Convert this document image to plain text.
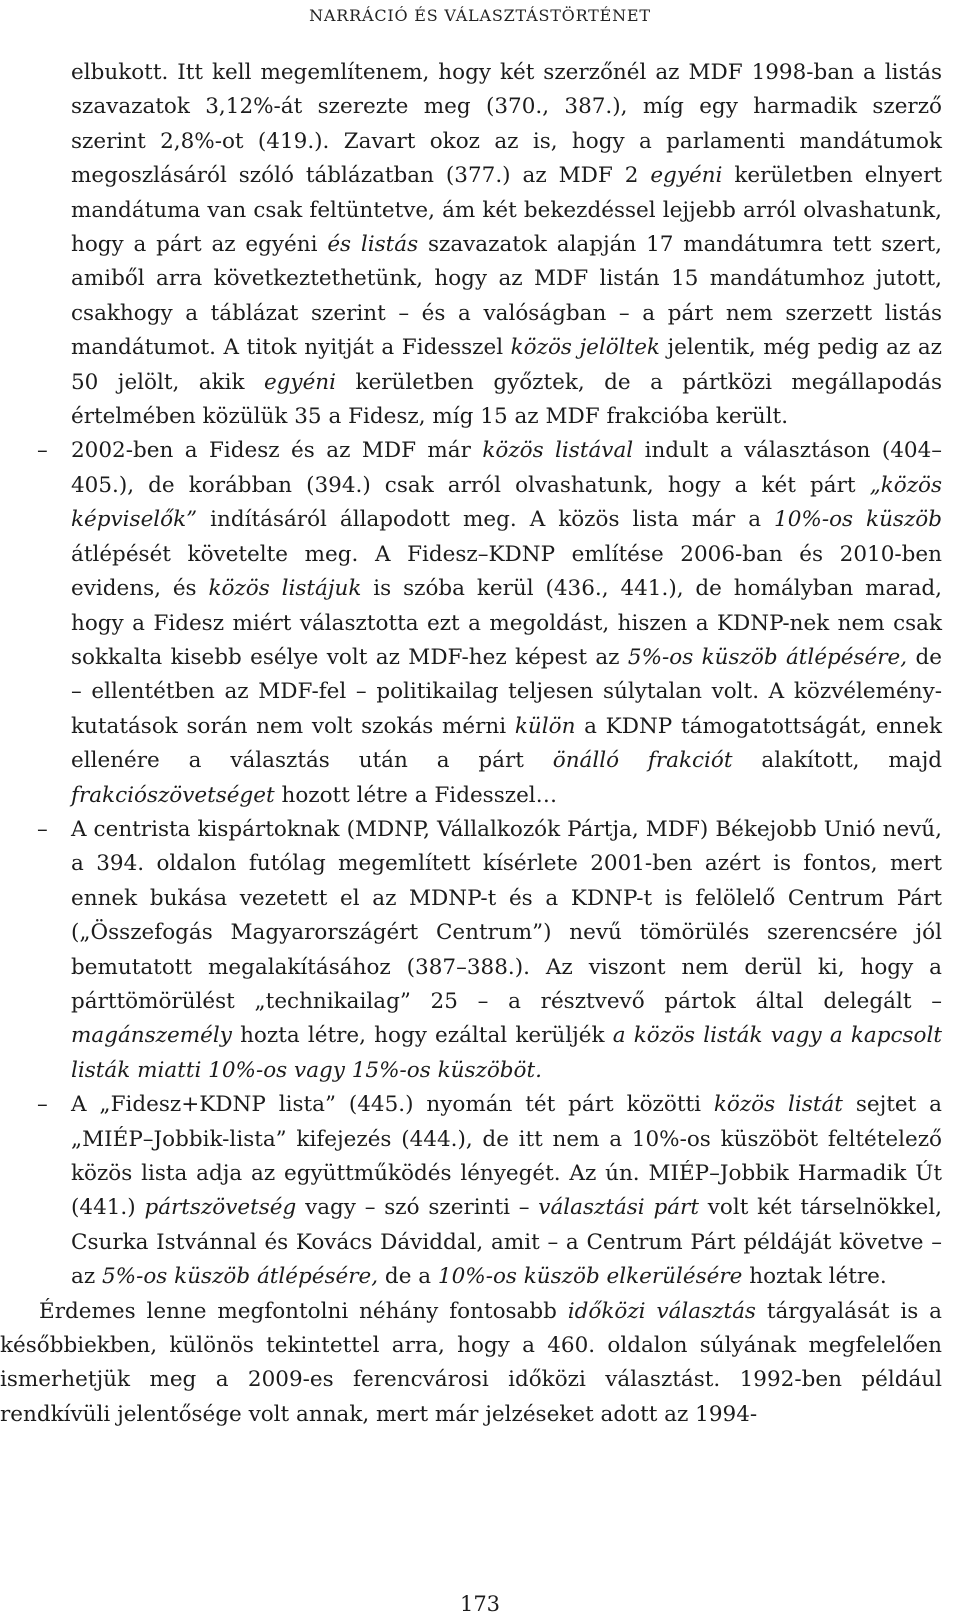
NARRÁCIÓ ÉS VÁLASZTÁSTÖRTÉNET

elbukott. Itt kell megemlítenem, hogy két szerzőnél az MDF 1998-ban a listás szavazatok 3,12%-át szerezte meg (370., 387.), míg egy harmadik szerző szerint 2,8%-ot (419.). Zavart okoz az is, hogy a parlamenti mandátumok megoszlásáról szóló táblázatban (377.) az MDF 2 egyéni kerületben elnyert mandátuma van csak feltüntetve, ám két bekezdéssel lejjebb arról olvashatunk, hogy a párt az egyéni és listás szavazatok alapján 17 mandátumra tett szert, amiből arra következtethetünk, hogy az MDF listán 15 mandátumhoz jutott, csakhogy a táblázat szerint – és a valóságban – a párt nem szerzett listás mandátumot. A titok nyitját a Fidesszel közös jelöltek jelentik, még pedig az az 50 jelölt, akik egyéni kerületben győztek, de a pártközi megállapodás értelmében közülük 35 a Fidesz, míg 15 az MDF frakcióba került.

– 2002-ben a Fidesz és az MDF már közös listával indult a választáson (404–405.), de korábban (394.) csak arról olvashatunk, hogy a két párt „közös képviselők” indításáról állapodott meg. A közös lista már a 10%-os küszöb átlépését követelte meg. A Fidesz–KDNP említése 2006-ban és 2010-ben evidens, és közös listájuk is szóba kerül (436., 441.), de homályban marad, hogy a Fidesz miért választotta ezt a megoldást, hiszen a KDNP-nek nem csak sokkalta kisebb esélye volt az MDF-hez képest az 5%-os küszöb átlépésére, de – ellentétben az MDF-fel – politikailag teljesen súlytalan volt. A közvélemény-kutatások során nem volt szokás mérni külön a KDNP támogatottságát, ennek ellenére a választás után a párt önálló frakciót alakított, majd frakciószövetséget hozott létre a Fidesszel…
– A centrista kispártoknak (MDNP, Vállalkozók Pártja, MDF) Békejobb Unió nevű, a 394. oldalon futólag megemlített kísérlete 2001-ben azért is fontos, mert ennek bukása vezetett el az MDNP-t és a KDNP-t is felölelő Centrum Párt („Összefogás Magyarországért Centrum”) nevű tömörülés szerencsére jól bemutatott megalakításához (387–388.). Az viszont nem derül ki, hogy a párttömörülést „technikailag” 25 – a résztvevő pártok által delegált – magánszemély hozta létre, hogy ezáltal kerüljék a közös listák vagy a kapcsolt listák miatti 10%-os vagy 15%-os küszöböt.
– A „Fidesz+KDNP lista” (445.) nyomán tét párt közötti közös listát sejtet a „MIÉP–Jobbik-lista” kifejezés (444.), de itt nem a 10%-os küszöböt feltételező közös lista adja az együttműködés lényegét. Az ún. MIÉP–Jobbik Harmadik Út (441.) pártszövetség vagy – szó szerinti – választási párt volt két társelnökkel, Csurka Istvánnal és Kovács Dáviddal, amit – a Centrum Párt példáját követve – az 5%-os küszöb átlépésére, de a 10%-os küszöb elkerülésére hoztak létre.

Érdemes lenne megfontolni néhány fontosabb időközi választás tárgyalását is a későbbiekben, különös tekintettel arra, hogy a 460. oldalon súlyának megfelelően ismerhetjük meg a 2009-es ferencvárosi időközi választást. 1992-ben például rendkívüli jelentősége volt annak, mert már jelzéseket adott az 1994-

173
